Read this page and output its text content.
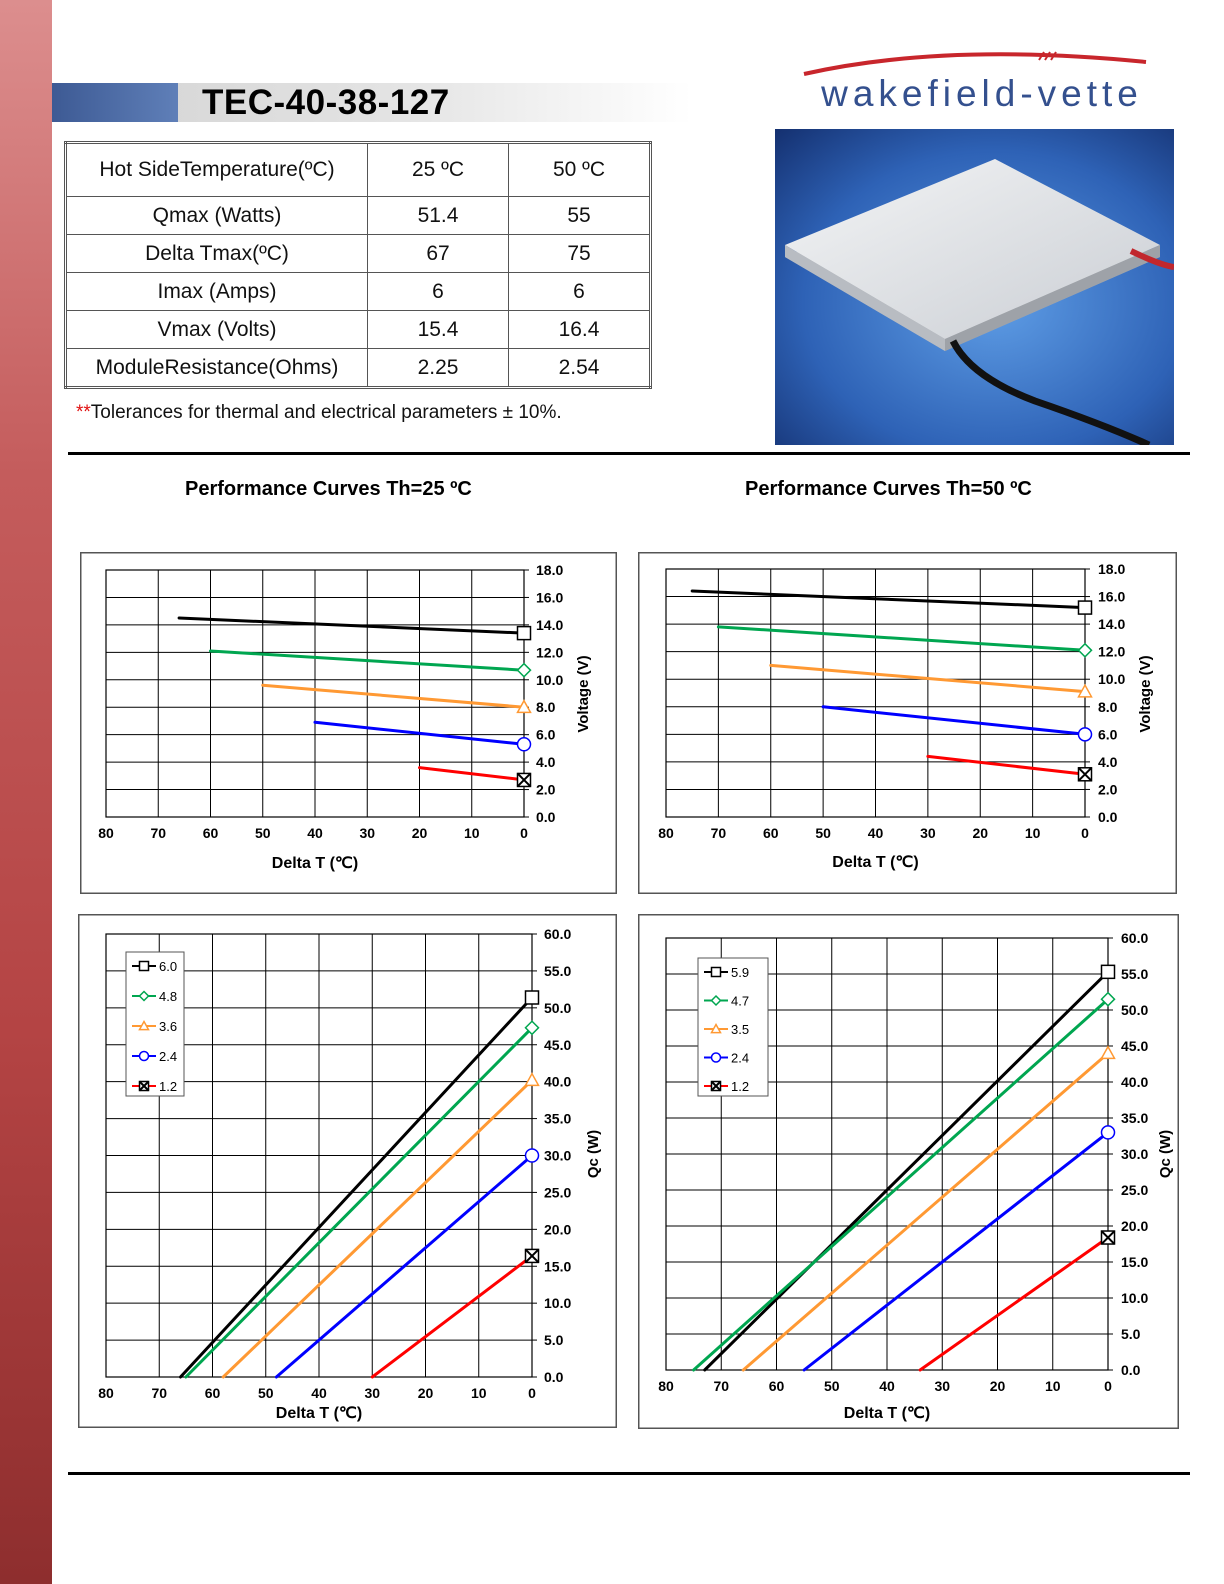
TEC-40-38-127	wakefield-vette
Hot SideTemperature(ºC)	25 ºC	50 ºC
Qmax (Watts)	51.4	55
Delta Tmax(ºC)	67	75
Imax (Amps)	6	6
Vmax (Volts)	15.4	16.4
ModuleResistance(Ohms)	2.25	2.54
**Tolerances for thermal and electrical parameters ± 10%.
Performance Curves Th=25 ºC	Performance Curves Th=50 ºC
80	70	60	50	40	30	20	10	0
0.0
2.0
4.0
6.0
8.0
10.0
12.0
14.0
16.0
18.0
Delta T (℃)
Voltage (V)
80	70	60	50	40	30	20	10	0
0.0
2.0
4.0
6.0
8.0
10.0
12.0
14.0
16.0
18.0
Delta T (℃)
Voltage (V)
80	70	60	50	40	30	20	10	0
0.0
5.0
10.0
15.0
20.0
25.0
30.0
35.0
40.0
45.0
50.0
55.0
60.0
Delta T (℃)
Qc (W)
6.0
4.8
3.6
2.4
1.2
80	70	60	50	40	30	20	10	0
0.0
5.0
10.0
15.0
20.0
25.0
30.0
35.0
40.0
45.0
50.0
55.0
60.0
Delta T (℃)
Qc (W)
5.9
4.7
3.5
2.4
1.2
